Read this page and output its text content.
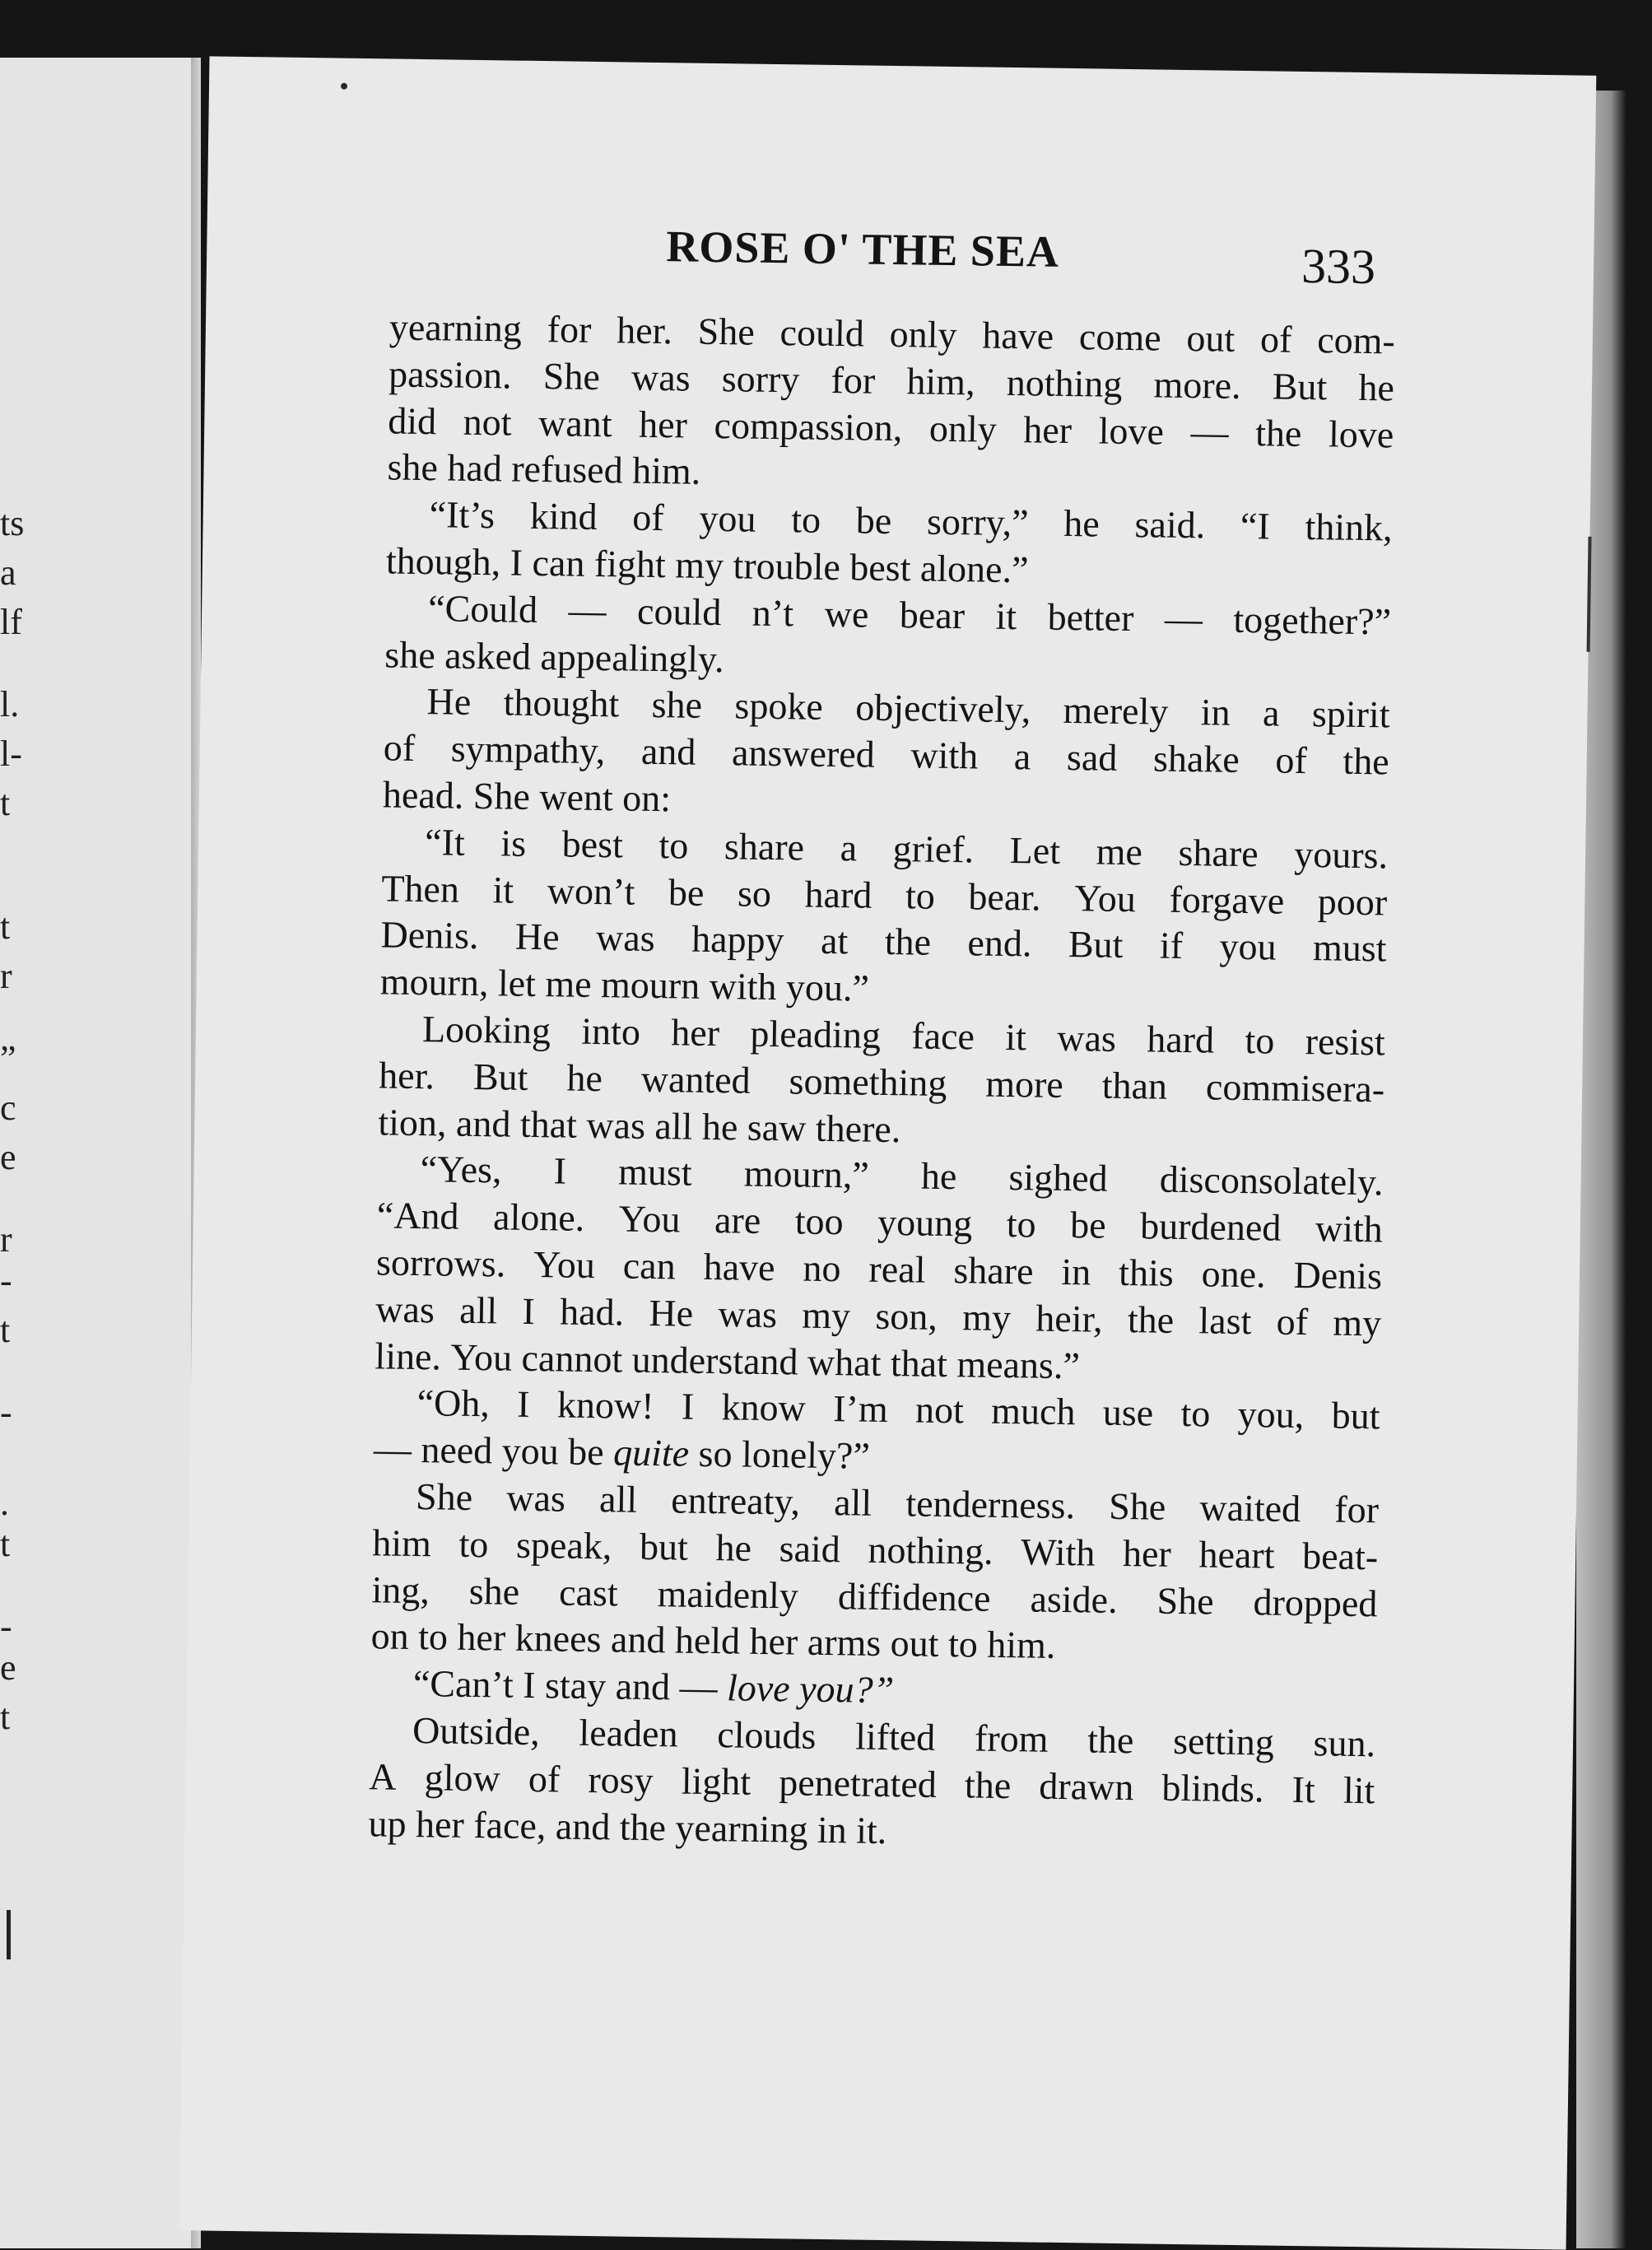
ts
a
lf
l.
l-
t
t
r
”
c
e
r
-
t
-
.
t
-
e
t
ROSE O' THE SEA	333
yearning for her. She could only have come out of com-
passion. She was sorry for him, nothing more. But he
did not want her compassion, only her love — the love
she had refused him.
“It’s kind of you to be sorry,” he said. “I think,
though, I can fight my trouble best alone.”
“Could — could n’t we bear it better — together?”
she asked appealingly.
He thought she spoke objectively, merely in a spirit
of sympathy, and answered with a sad shake of the
head. She went on:
“It is best to share a grief. Let me share yours.
Then it won’t be so hard to bear. You forgave poor
Denis. He was happy at the end. But if you must
mourn, let me mourn with you.”
Looking into her pleading face it was hard to resist
her. But he wanted something more than commisera-
tion, and that was all he saw there.
“Yes, I must mourn,” he sighed disconsolately.
“And alone. You are too young to be burdened with
sorrows. You can have no real share in this one. Denis
was all I had. He was my son, my heir, the last of my
line. You cannot understand what that means.”
“Oh, I know! I know I’m not much use to you, but
— need you be quite so lonely?”
She was all entreaty, all tenderness. She waited for
him to speak, but he said nothing. With her heart beat-
ing, she cast maidenly diffidence aside. She dropped
on to her knees and held her arms out to him.
“Can’t I stay and — love you?”
Outside, leaden clouds lifted from the setting sun.
A glow of rosy light penetrated the drawn blinds. It lit
up her face, and the yearning in it.
